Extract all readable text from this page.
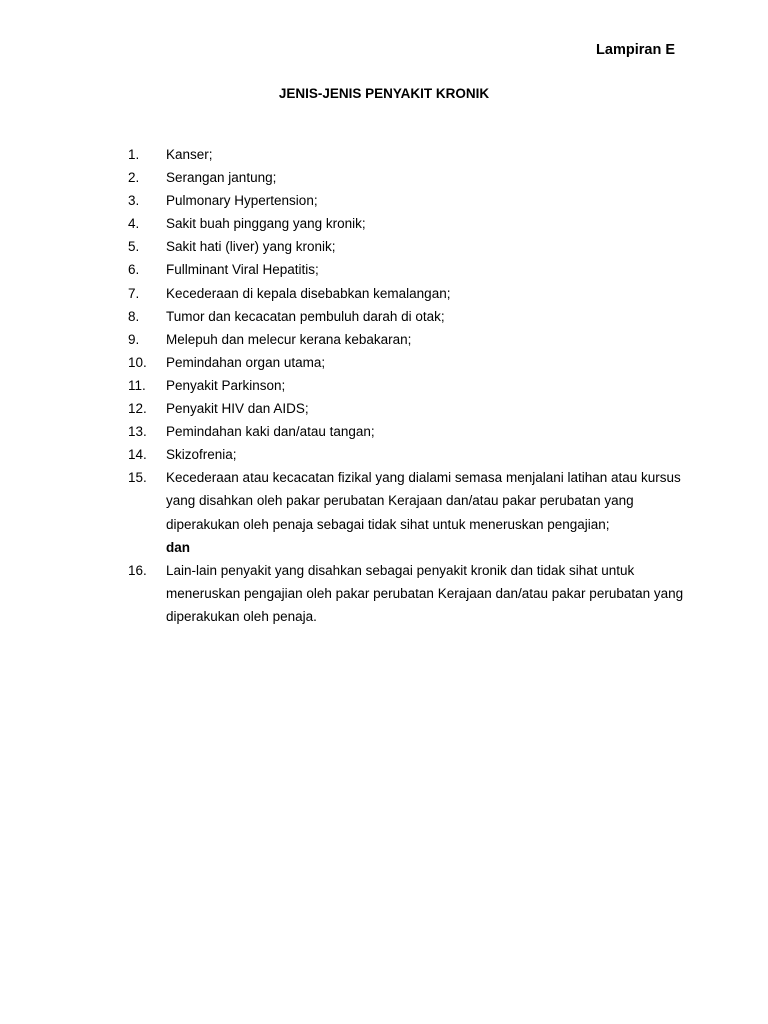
Lampiran E
JENIS-JENIS PENYAKIT KRONIK
1.	Kanser;
2.	Serangan jantung;
3.	Pulmonary Hypertension;
4.	Sakit buah pinggang yang kronik;
5.	Sakit hati (liver) yang kronik;
6.	Fullminant Viral Hepatitis;
7.	Kecederaan di kepala disebabkan kemalangan;
8.	Tumor dan kecacatan pembuluh darah di otak;
9.	Melepuh dan melecur kerana kebakaran;
10.	Pemindahan organ utama;
11.	Penyakit Parkinson;
12.	Penyakit HIV dan AIDS;
13.	Pemindahan kaki dan/atau tangan;
14.	Skizofrenia;
15.	Kecederaan atau kecacatan fizikal yang dialami semasa menjalani latihan atau kursus yang disahkan oleh pakar perubatan Kerajaan dan/atau pakar perubatan yang diperakukan oleh penaja sebagai tidak sihat untuk meneruskan pengajian;
dan
16.	Lain-lain penyakit yang disahkan sebagai penyakit kronik dan tidak sihat untuk meneruskan pengajian oleh pakar perubatan Kerajaan dan/atau pakar perubatan yang diperakukan oleh penaja.
